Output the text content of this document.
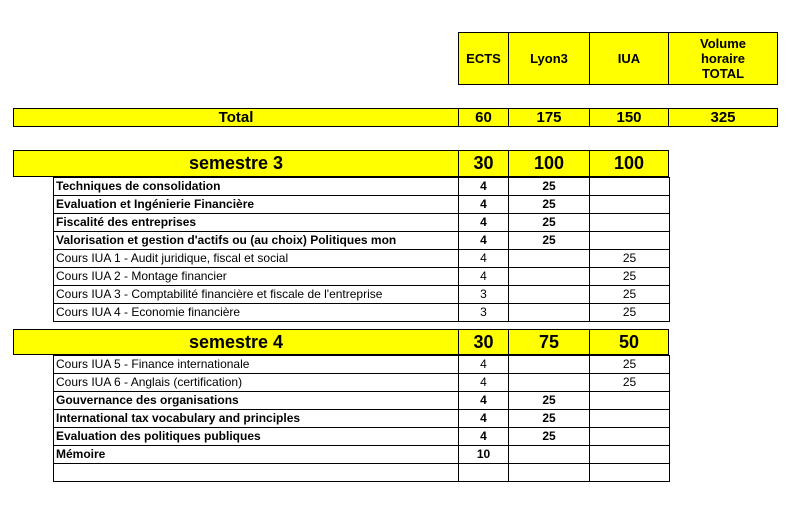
ECTS	Lyon3	IUA
Volume horaire TOTAL
Total	60	175	150	325
semestre 3	30	100	100
Techniques de consolidation	4	25	
Evaluation et Ingénierie Financière	4	25	
Fiscalité des entreprises	4	25	
Valorisation et gestion d'actifs ou (au choix) Politiques mon	4	25	
Cours IUA 1 - Audit juridique, fiscal et social	4		25
Cours IUA 2 - Montage financier	4		25
Cours IUA 3 - Comptabilité financière et fiscale de l'entreprise	3		25
Cours IUA 4 - Economie financière	3		25
semestre 4	30	75	50
Cours IUA 5 - Finance internationale	4		25
Cours IUA 6 - Anglais (certification)	4		25
Gouvernance des organisations	4	25	
International tax vocabulary and principles	4	25	
Evaluation des politiques publiques	4	25	
Mémoire	10		
